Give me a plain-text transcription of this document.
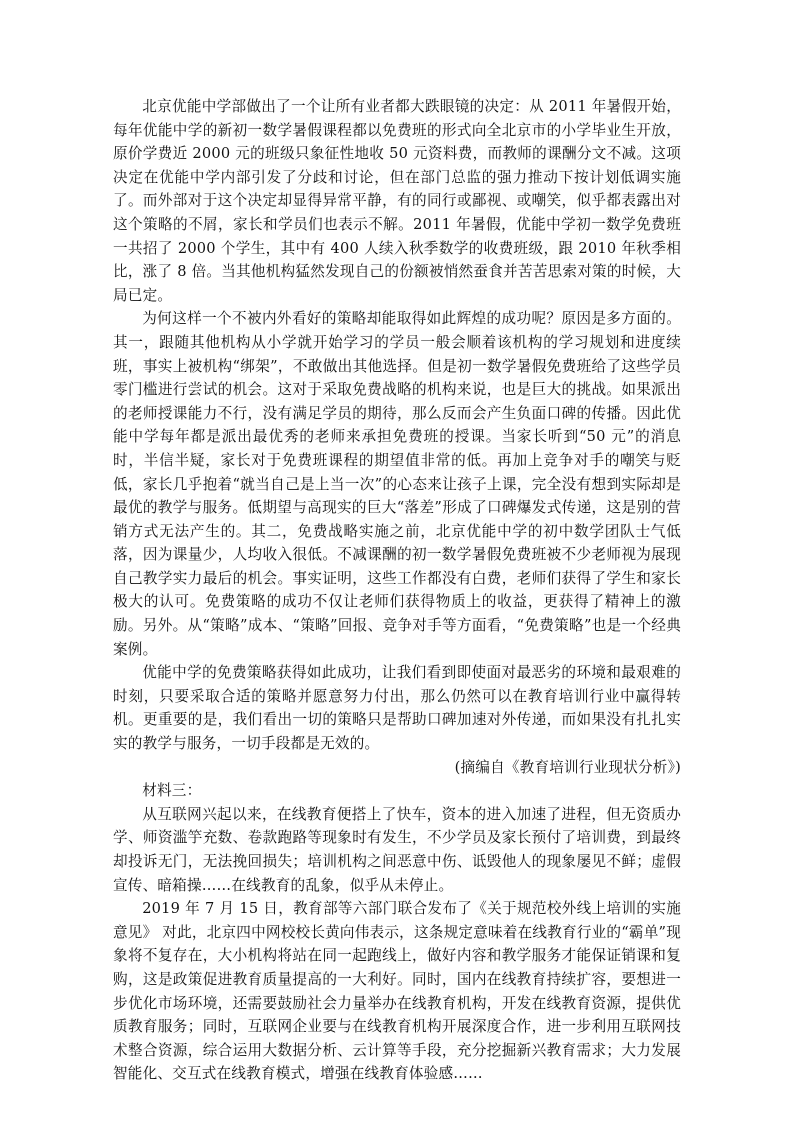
北京优能中学部做出了一个让所有业者都大跌眼镜的决定：从 2011 年暑假开始，每年优能中学的新初一数学暑假课程都以免费班的形式向全北京市的小学毕业生开放，原价学费近 2000 元的班级只象征性地收 50 元资料费，而教师的课酬分文不减。这项决定在优能中学内部引发了分歧和讨论，但在部门总监的强力推动下按计划低调实施了。而外部对于这个决定却显得异常平静，有的同行或鄙视、或嘲笑，似乎都表露出对这个策略的不屑，家长和学员们也表示不解。2011 年暑假，优能中学初一数学免费班一共招了 2000 个学生，其中有 400 人续入秋季数学的收费班级，跟 2010 年秋季相比，涨了 8 倍。当其他机构猛然发现自己的份额被悄然蚕食并苦苦思索对策的时候，大局已定。

为何这样一个不被内外看好的策略却能取得如此辉煌的成功呢？原因是多方面的。其一，跟随其他机构从小学就开始学习的学员一般会顺着该机构的学习规划和进度续班，事实上被机构“绑架”，不敢做出其他选择。但是初一数学暑假免费班给了这些学员零门槛进行尝试的机会。这对于采取免费战略的机构来说，也是巨大的挑战。如果派出的老师授课能力不行，没有满足学员的期待，那么反而会产生负面口碑的传播。因此优能中学每年都是派出最优秀的老师来承担免费班的授课。当家长听到“50 元”的消息时，半信半疑，家长对于免费班课程的期望值非常的低。再加上竞争对手的嘲笑与贬低，家长几乎抱着“就当自己是上当一次”的心态来让孩子上课，完全没有想到实际却是最优的教学与服务。低期望与高现实的巨大“落差”形成了口碑爆发式传递，这是别的营销方式无法产生的。其二，免费战略实施之前，北京优能中学的初中数学团队士气低落，因为课量少，人均收入很低。不减课酬的初一数学暑假免费班被不少老师视为展现自己教学实力最后的机会。事实证明，这些工作都没有白费，老师们获得了学生和家长极大的认可。免费策略的成功不仅让老师们获得物质上的收益，更获得了精神上的激励。另外。从“策略”成本、“策略”回报、竞争对手等方面看，“免费策略”也是一个经典案例。

优能中学的免费策略获得如此成功，让我们看到即使面对最恶劣的环境和最艰难的时刻，只要采取合适的策略并愿意努力付出，那么仍然可以在教育培训行业中赢得转机。更重要的是，我们看出一切的策略只是帮助口碑加速对外传递，而如果没有扎扎实实的教学与服务，一切手段都是无效的。

(摘编自《教育培训行业现状分析》)

材料三：

从互联网兴起以来，在线教育便搭上了快车，资本的进入加速了进程，但无资质办学、师资滥竽充数、卷款跑路等现象时有发生，不少学员及家长预付了培训费，到最终却投诉无门，无法挽回损失；培训机构之间恶意中伤、诋毁他人的现象屡见不鲜；虚假宣传、暗箱操……在线教育的乱象，似乎从未停止。

2019 年 7 月 15 日，教育部等六部门联合发布了《关于规范校外线上培训的实施意见》 对此，北京四中网校校长黄向伟表示，这条规定意味着在线教育行业的“霸单”现象将不复存在，大小机构将站在同一起跑线上，做好内容和教学服务才能保证销课和复购，这是政策促进教育质量提高的一大利好。同时，国内在线教育持续扩容，要想进一步优化市场环境，还需要鼓励社会力量举办在线教育机构，开发在线教育资源，提供优质教育服务；同时，互联网企业要与在线教育机构开展深度合作，进一步利用互联网技术整合资源，综合运用大数据分析、云计算等手段，充分挖掘新兴教育需求；大力发展智能化、交互式在线教育模式，增强在线教育体验感……
